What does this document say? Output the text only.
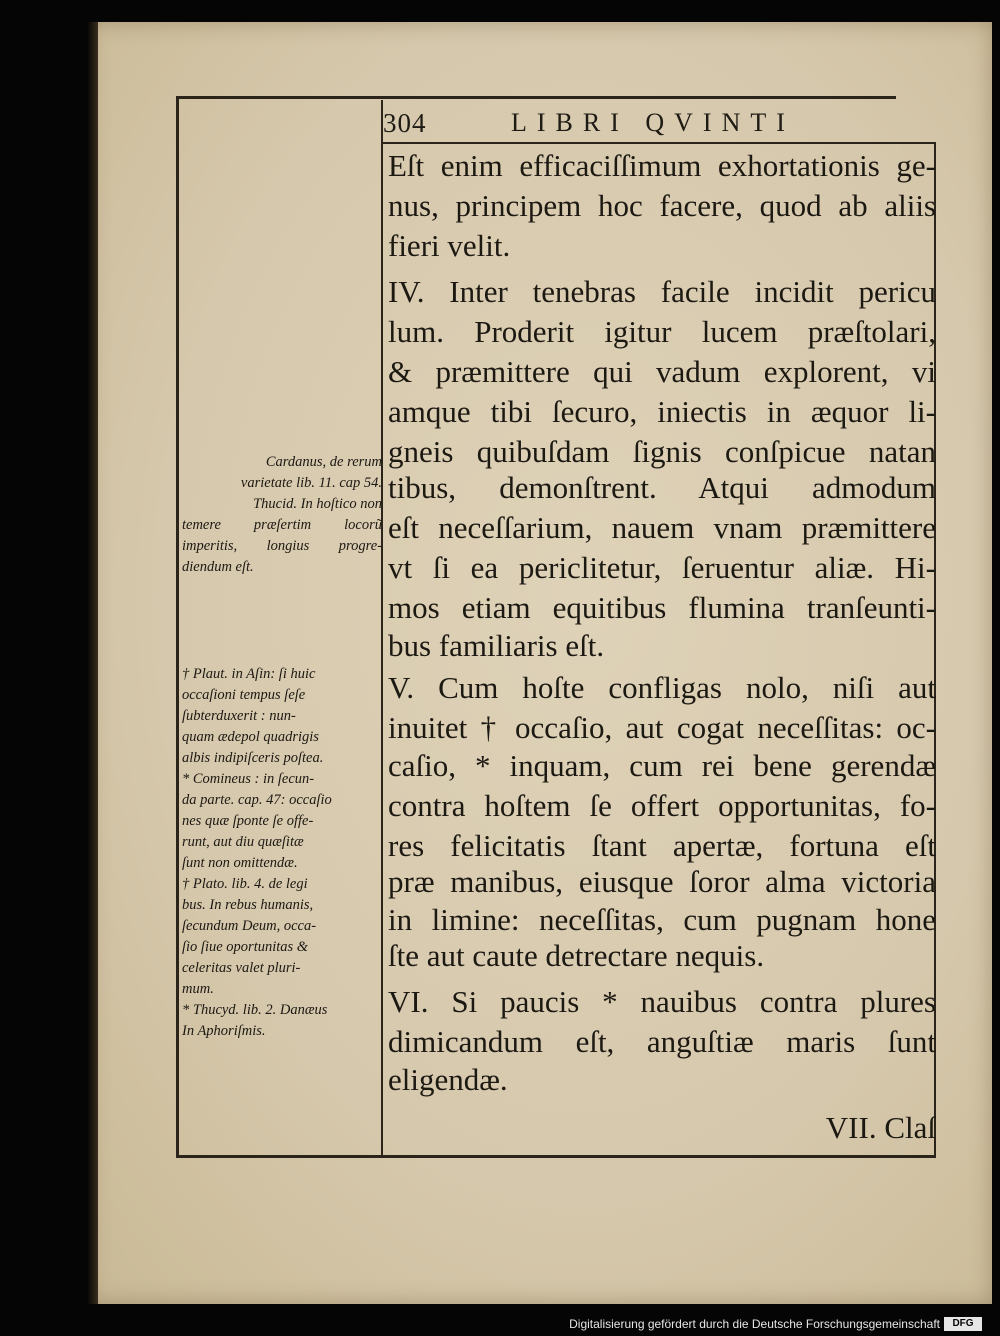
304	LIBRI QVINTI
Eſt enim efficaciſſimum exhortationis ge-
nus, principem hoc facere, quod ab aliis
fieri velit.
IV. Inter tenebras facile incidit pericu
lum. Proderit igitur lucem præſtolari,
& præmittere qui vadum explorent, vi
amque tibi ſecuro, iniectis in æquor li-
gneis quibuſdam ſignis conſpicue natan
tibus, demonſtrent. Atqui admodum
eſt neceſſarium, nauem vnam præmittere
vt ſi ea periclitetur, ſeruentur aliæ. Hi-
mos etiam equitibus flumina tranſeunti-
bus familiaris eſt.
V. Cum hoſte confligas nolo, niſi aut
inuitet † occaſio, aut cogat neceſſitas: oc-
caſio, * inquam, cum rei bene gerendæ
contra hoſtem ſe offert opportunitas, fo-
res felicitatis ſtant apertæ, fortuna eſt
præ manibus, eiusque ſoror alma victoria
in limine: neceſſitas, cum pugnam hone
ſte aut caute detrectare nequis.
VI. Si paucis * nauibus contra plures
dimicandum eſt, anguſtiæ maris ſunt
eligendæ.
VII. Claſ
Cardanus, de rerum
varietate lib. 11. cap 54.
Thucid. In hoſtico non
temere præſertim locorũ
imperitis, longius progre-
diendum eſt.
† Plaut. in Aſin: ſi huic
occaſioni tempus ſeſe
ſubterduxerit : nun-
quam ædepol quadrigis
albis indipiſceris poſtea.
* Comineus : in ſecun-
da parte. cap. 47: occaſio
nes quæ ſponte ſe offe-
runt, aut diu quæſitæ
ſunt non omittendæ.
† Plato. lib. 4. de legi
bus. In rebus humanis,
ſecundum Deum, occa-
ſio ſiue oportunitas &
celeritas valet pluri-
mum.
* Thucyd. lib. 2. Danæus
In Aphoriſmis.
Digitalisierung gefördert durch die Deutsche Forschungsgemeinschaft	DFG
